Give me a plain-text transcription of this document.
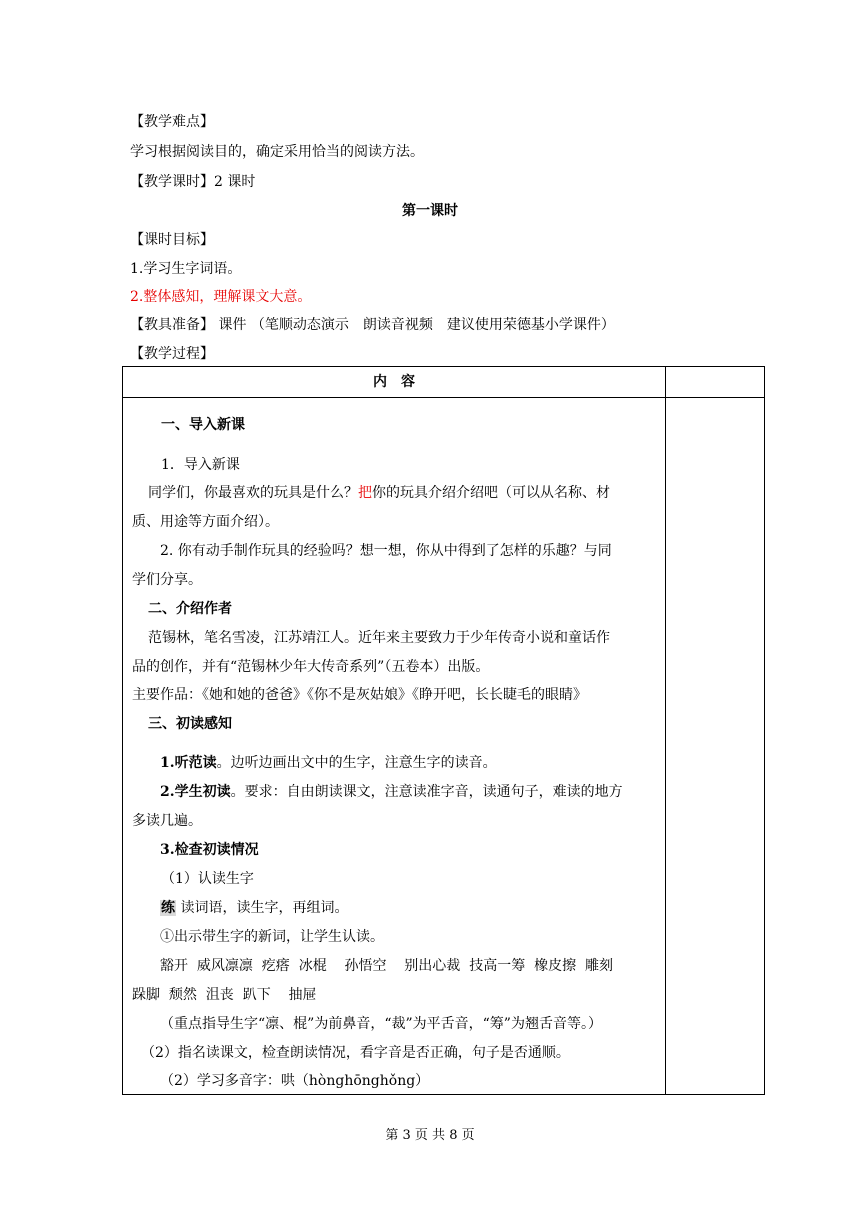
【教学难点】
学习根据阅读目的，确定采用恰当的阅读方法。
【教学课时】2 课时
第一课时
【课时目标】
1.学习生字词语。
2.整体感知，理解课文大意。
【教具准备】 课件 （笔顺动态演示　朗读音视频　建议使用荣德基小学课件）
【教学过程】
内　容
一、导入新课
1．导入新课
同学们，你最喜欢的玩具是什么？把你的玩具介绍介绍吧（可以从名称、材
质、用途等方面介绍）。
2. 你有动手制作玩具的经验吗？想一想，你从中得到了怎样的乐趣？与同
学们分享。
二、介绍作者
范锡林，笔名雪凌，江苏靖江人。近年来主要致力于少年传奇小说和童话作
品的创作，并有“范锡林少年大传奇系列”（五卷本）出版。
主要作品：《她和她的爸爸》《你不是灰姑娘》《睁开吧，长长睫毛的眼睛》
三、初读感知
1.听范读。边听边画出文中的生字，注意生字的读音。
2.学生初读。要求：自由朗读课文，注意读准字音，读通句子，难读的地方
多读几遍。
3.检查初读情况
（1）认读生字
练 读词语，读生字，再组词。
①出示带生字的新词，让学生认读。
豁开  威风凛凛  疙瘩  冰棍    孙悟空    别出心裁  技高一筹  橡皮擦  雕刻
跺脚  颓然  沮丧  趴下    抽屉
（重点指导生字“凛、棍”为前鼻音，“裁”为平舌音，“筹”为翘舌音等。）
（2）指名读课文，检查朗读情况，看字音是否正确，句子是否通顺。
（2）学习多音字：哄（hònghōnghǒng）
第 3 页 共 8 页
